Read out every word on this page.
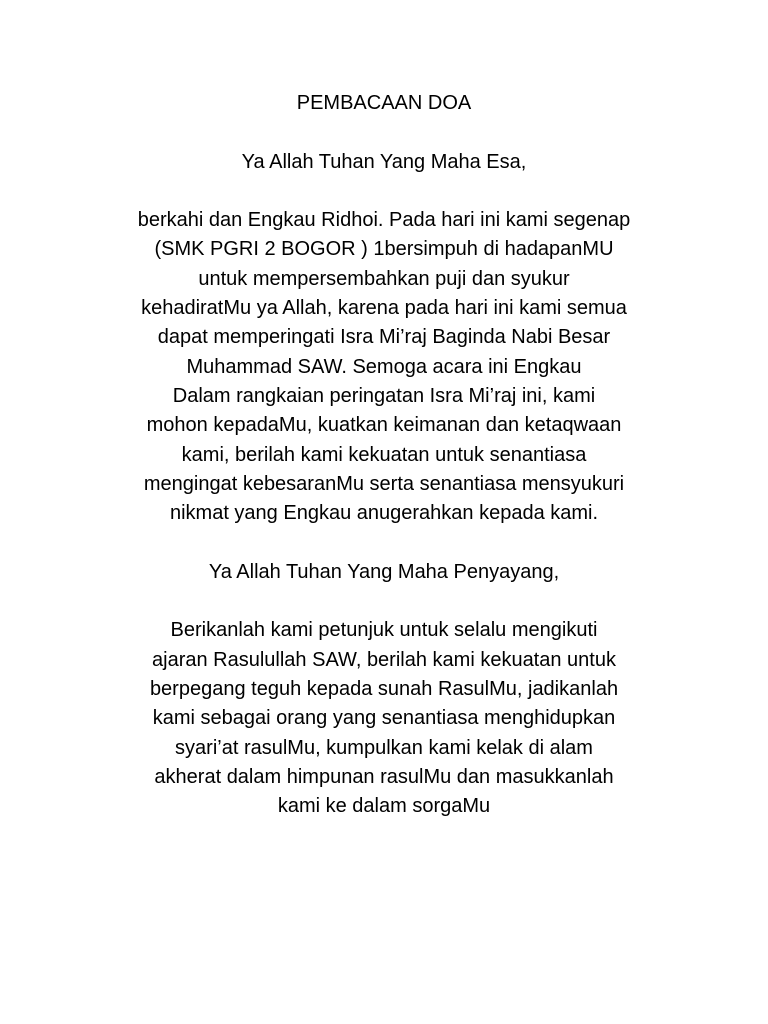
PEMBACAAN DOA
Ya Allah Tuhan Yang Maha Esa,
berkahi dan Engkau Ridhoi. Pada hari ini kami segenap
(SMK PGRI 2 BOGOR ) 1bersimpuh di hadapanMU
untuk mempersembahkan puji dan syukur
kehadiratMu ya Allah, karena pada hari ini kami semua
dapat memperingati Isra Mi’raj Baginda Nabi Besar
Muhammad SAW. Semoga acara ini Engkau
Dalam rangkaian peringatan Isra Mi’raj ini, kami
mohon kepadaMu, kuatkan keimanan dan ketaqwaan
kami, berilah kami kekuatan untuk senantiasa
mengingat kebesaranMu serta senantiasa mensyukuri
nikmat yang Engkau anugerahkan kepada kami.
Ya Allah Tuhan Yang Maha Penyayang,
Berikanlah kami petunjuk untuk selalu mengikuti
ajaran Rasulullah SAW, berilah kami kekuatan untuk
berpegang teguh kepada sunah RasulMu, jadikanlah
kami sebagai orang yang senantiasa menghidupkan
syari’at rasulMu, kumpulkan kami kelak di alam
akherat dalam himpunan rasulMu dan masukkanlah
kami ke dalam sorgaMu
